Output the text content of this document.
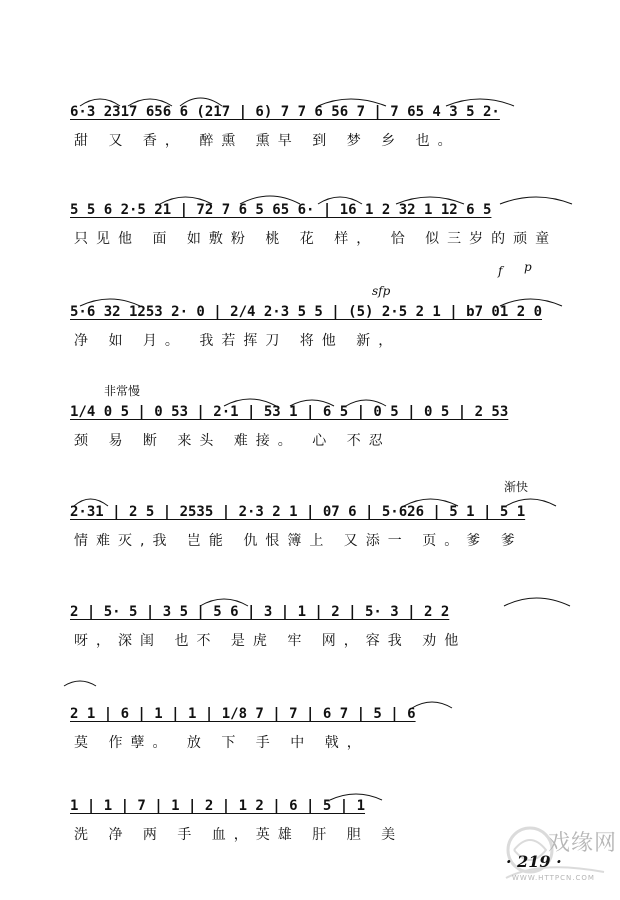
6·3 2317 656 6 (217 | 6) 7 7 6 56 7 | 7 65 4 3 5 2·
甜 又 香， 醉熏 熏早 到 梦 乡 也。
5 5 6 2·5 21 | 72 7 6 5 65 6· | 16 1 2 32 1 12 6 5
只见他 面 如敷粉 桃 花 样， 恰 似三岁的顽童
sfp
f p
5·6 32 1253 2· 0 | 2/4 2·3 5 5 | (5) 2·5 2 1 | b7 01 2 0
净 如 月。 我若挥刀 将他 新，
非常慢
1/4 0 5 | 0 53 | 2·1 | 53 1 | 6 5 | 0 5 | 0 5 | 2 53
颈 易 断 来头 难接。 心 不忍
渐快
2·31 | 2 5 | 2535 | 2·3 2 1 | 07 6 | 5·626 | 5 1 | 5 1
情难灭,我 岂能 仇恨簿上 又添一 页。爹 爹
2 | 5· 5 | 3 5 | 5 6 | 3 | 1 | 2 | 5· 3 | 2 2
呀，深闺 也不 是虎 牢 网，容我 劝他
2 1 | 6 | 1 | 1 | 1/8 7 | 7 | 6 7 | 5 | 6
莫 作孽。 放 下 手 中 戟，
1 | 1 | 7 | 1 | 2 | 1 2 | 6 | 5 | 1
洗 净 两 手 血，英雄 肝 胆 美	戏缘网
WWW.HTTPCN.COM
· 219 ·
